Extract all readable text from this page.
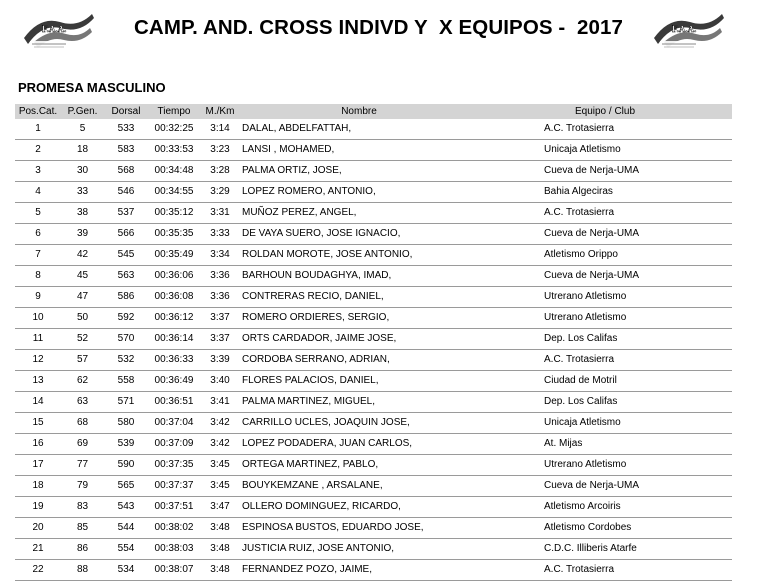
F.A.A.	CAMP. AND. CROSS INDIVD Y  X EQUIPOS -  2017	F.A.A.
PROMESA MASCULINO
Pos.Cat.	P.Gen.	Dorsal	Tiempo	M./Km	Nombre	Equipo / Club
1	5	533	00:32:25	3:14	DALAL, ABDELFATTAH,	A.C. Trotasierra
2	18	583	00:33:53	3:23	LANSI , MOHAMED,	Unicaja Atletismo
3	30	568	00:34:48	3:28	PALMA ORTIZ, JOSE,	Cueva de Nerja-UMA
4	33	546	00:34:55	3:29	LOPEZ ROMERO, ANTONIO,	Bahia Algeciras
5	38	537	00:35:12	3:31	MUÑOZ PEREZ, ANGEL,	A.C. Trotasierra
6	39	566	00:35:35	3:33	DE VAYA SUERO, JOSE IGNACIO,	Cueva de Nerja-UMA
7	42	545	00:35:49	3:34	ROLDAN MOROTE, JOSE ANTONIO,	Atletismo Orippo
8	45	563	00:36:06	3:36	BARHOUN BOUDAGHYA, IMAD,	Cueva de Nerja-UMA
9	47	586	00:36:08	3:36	CONTRERAS RECIO, DANIEL,	Utrerano Atletismo
10	50	592	00:36:12	3:37	ROMERO ORDIERES, SERGIO,	Utrerano Atletismo
11	52	570	00:36:14	3:37	ORTS CARDADOR, JAIME JOSE,	Dep. Los Califas
12	57	532	00:36:33	3:39	CORDOBA SERRANO, ADRIAN,	A.C. Trotasierra
13	62	558	00:36:49	3:40	FLORES PALACIOS, DANIEL,	Ciudad de Motril
14	63	571	00:36:51	3:41	PALMA MARTINEZ, MIGUEL,	Dep. Los Califas
15	68	580	00:37:04	3:42	CARRILLO UCLES, JOAQUIN JOSE,	Unicaja Atletismo
16	69	539	00:37:09	3:42	LOPEZ PODADERA, JUAN CARLOS,	At. Mijas
17	77	590	00:37:35	3:45	ORTEGA MARTINEZ, PABLO,	Utrerano Atletismo
18	79	565	00:37:37	3:45	BOUYKEMZANE , ARSALANE,	Cueva de Nerja-UMA
19	83	543	00:37:51	3:47	OLLERO DOMINGUEZ, RICARDO,	Atletismo Arcoiris
20	85	544	00:38:02	3:48	ESPINOSA BUSTOS, EDUARDO JOSE,	Atletismo Cordobes
21	86	554	00:38:03	3:48	JUSTICIA RUIZ, JOSE ANTONIO,	C.D.C. Illiberis Atarfe
22	88	534	00:38:07	3:48	FERNANDEZ POZO, JAIME,	A.C. Trotasierra
